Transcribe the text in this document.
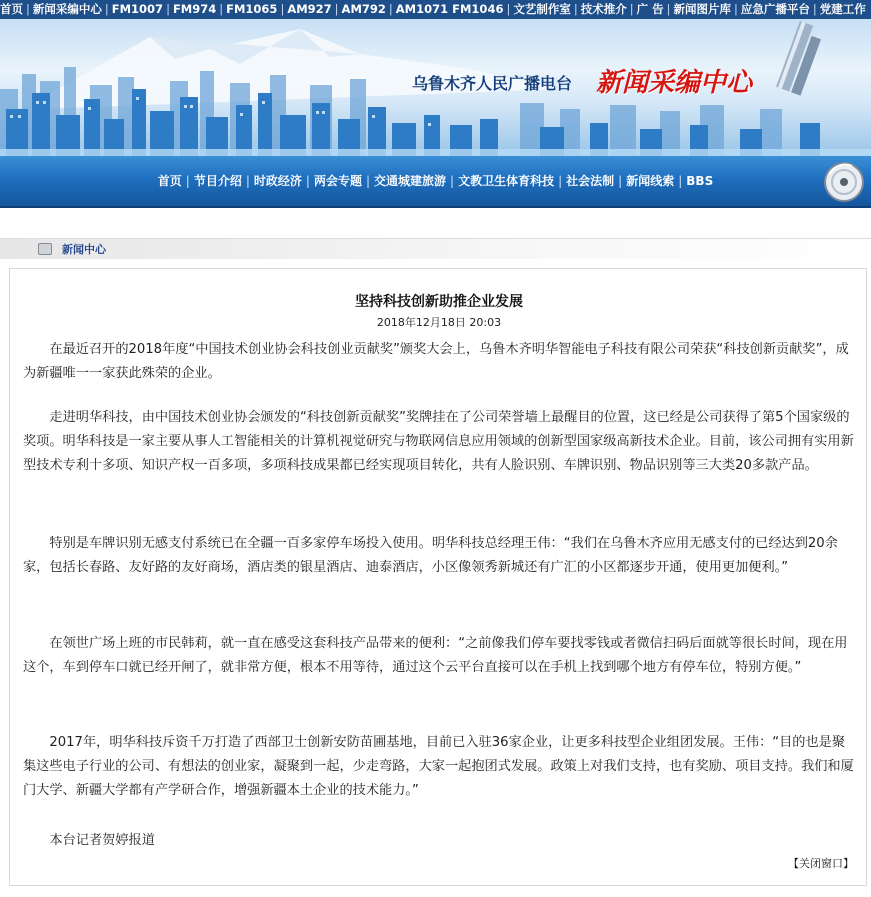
首页 | 新闻采编中心 | FM1007 | FM974 | FM1065 | AM927 | AM792 | AM1071 FM1046 | 文艺制作室 | 技术推介 | 广 告 | 新闻图片库 | 应急广播平台 | 党建工作
乌鲁木齐人民广播电台 新闻采编中心
首页 | 节目介绍 | 时政经济 | 两会专题 | 交通城建旅游 | 文教卫生体育科技 | 社会法制 | 新闻线索 | BBS
新闻中心
坚持科技创新助推企业发展
2018年12月18日 20:03

在最近召开的2018年度“中国技术创业协会科技创业贡献奖”颁奖大会上，乌鲁木齐明华智能电子科技有限公司荣获“科技创新贡献奖”，成为新疆唯一一家获此殊荣的企业。

走进明华科技，由中国技术创业协会颁发的“科技创新贡献奖”奖牌挂在了公司荣誉墙上最醒目的位置，这已经是公司获得了第5个国家级的奖项。明华科技是一家主要从事人工智能相关的计算机视觉研究与物联网信息应用领域的创新型国家级高新技术企业。目前，该公司拥有实用新型技术专利十多项、知识产权一百多项，多项科技成果都已经实现项目转化，共有人脸识别、车牌识别、物品识别等三大类20多款产品。

特别是车牌识别无感支付系统已在全疆一百多家停车场投入使用。明华科技总经理王伟：“我们在乌鲁木齐应用无感支付的已经达到20余家，包括长春路、友好路的友好商场，酒店类的银星酒店、迪泰酒店，小区像领秀新城还有广汇的小区都逐步开通，使用更加便利。”

在领世广场上班的市民韩莉，就一直在感受这套科技产品带来的便利：“之前像我们停车要找零钱或者微信扫码后面就等很长时间，现在用这个，车到停车口就已经开闸了，就非常方便，根本不用等待，通过这个云平台直接可以在手机上找到哪个地方有停车位，特别方便。”

2017年，明华科技斥资千万打造了西部卫士创新安防苗圃基地，目前已入驻36家企业，让更多科技型企业组团发展。王伟：“目的也是聚集这些电子行业的公司、有想法的创业家，凝聚到一起，少走弯路，大家一起抱团式发展。政策上对我们支持，也有奖励、项目支持。我们和厦门大学、新疆大学都有产学研合作，增强新疆本土企业的技术能力。”

本台记者贺婷报道

【关闭窗口】
